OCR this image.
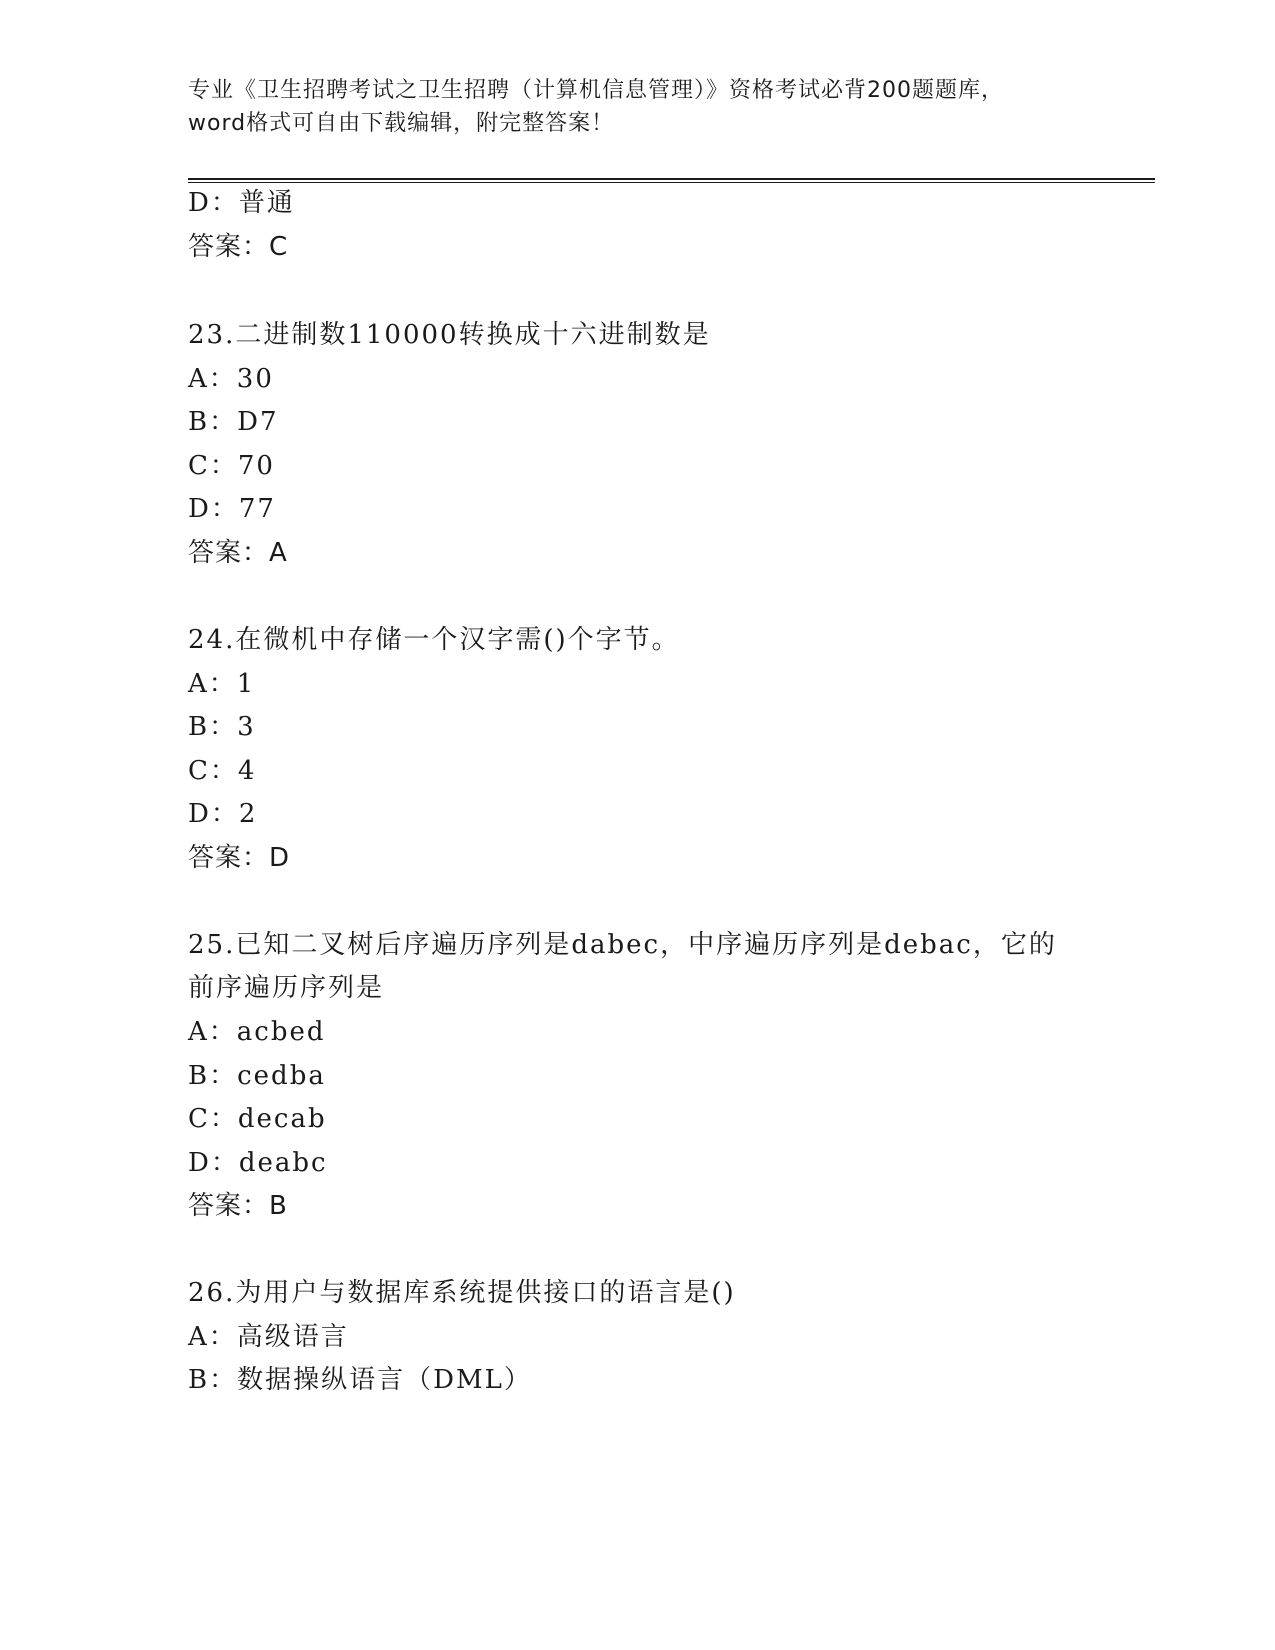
专业《卫生招聘考试之卫生招聘（计算机信息管理）》资格考试必背200题题库，
word格式可自由下载编辑，附完整答案！
D：普通
答案：C
23.二进制数110000转换成十六进制数是
A：30
B：D7
C：70
D：77
答案：A
24.在微机中存储一个汉字需()个字节。
A：1
B：3
C：4
D：2
答案：D
25.已知二叉树后序遍历序列是dabec，中序遍历序列是debac，它的
前序遍历序列是
A：acbed
B：cedba
C：decab
D：deabc
答案：B
26.为用户与数据库系统提供接口的语言是()
A：高级语言
B：数据操纵语言（DML）
